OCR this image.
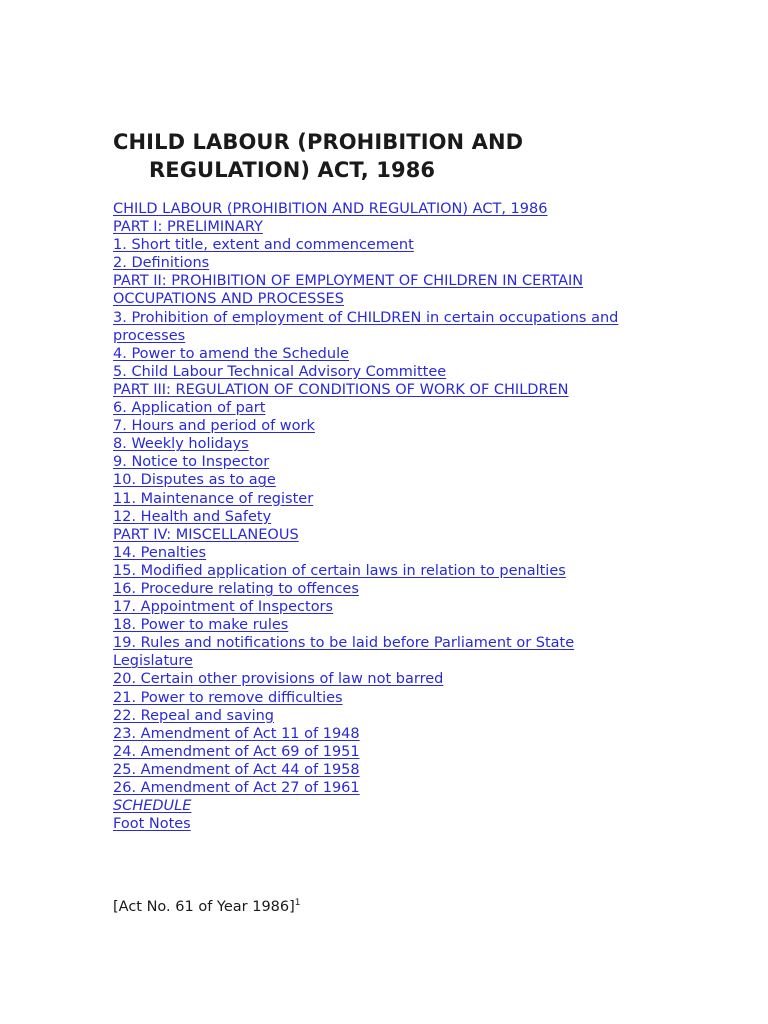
CHILD LABOUR (PROHIBITION AND
REGULATION) ACT, 1986
CHILD LABOUR (PROHIBITION AND REGULATION) ACT, 1986
PART I: PRELIMINARY
1. Short title, extent and commencement
2. Definitions
PART II: PROHIBITION OF EMPLOYMENT OF CHILDREN IN CERTAIN OCCUPATIONS AND PROCESSES
3. Prohibition of employment of CHILDREN in certain occupations and processes
4. Power to amend the Schedule
5. Child Labour Technical Advisory Committee
PART III: REGULATION OF CONDITIONS OF WORK OF CHILDREN
6. Application of part
7. Hours and period of work
8. Weekly holidays
9. Notice to Inspector
10. Disputes as to age
11. Maintenance of register
12. Health and Safety
PART IV: MISCELLANEOUS
14. Penalties
15. Modified application of certain laws in relation to penalties
16. Procedure relating to offences
17. Appointment of Inspectors
18. Power to make rules
19. Rules and notifications to be laid before Parliament or State Legislature
20. Certain other provisions of law not barred
21. Power to remove difficulties
22. Repeal and saving
23. Amendment of Act 11 of 1948
24. Amendment of Act 69 of 1951
25. Amendment of Act 44 of 1958
26. Amendment of Act 27 of 1961
SCHEDULE
Foot Notes
[Act No. 61 of Year 1986]$^1$
